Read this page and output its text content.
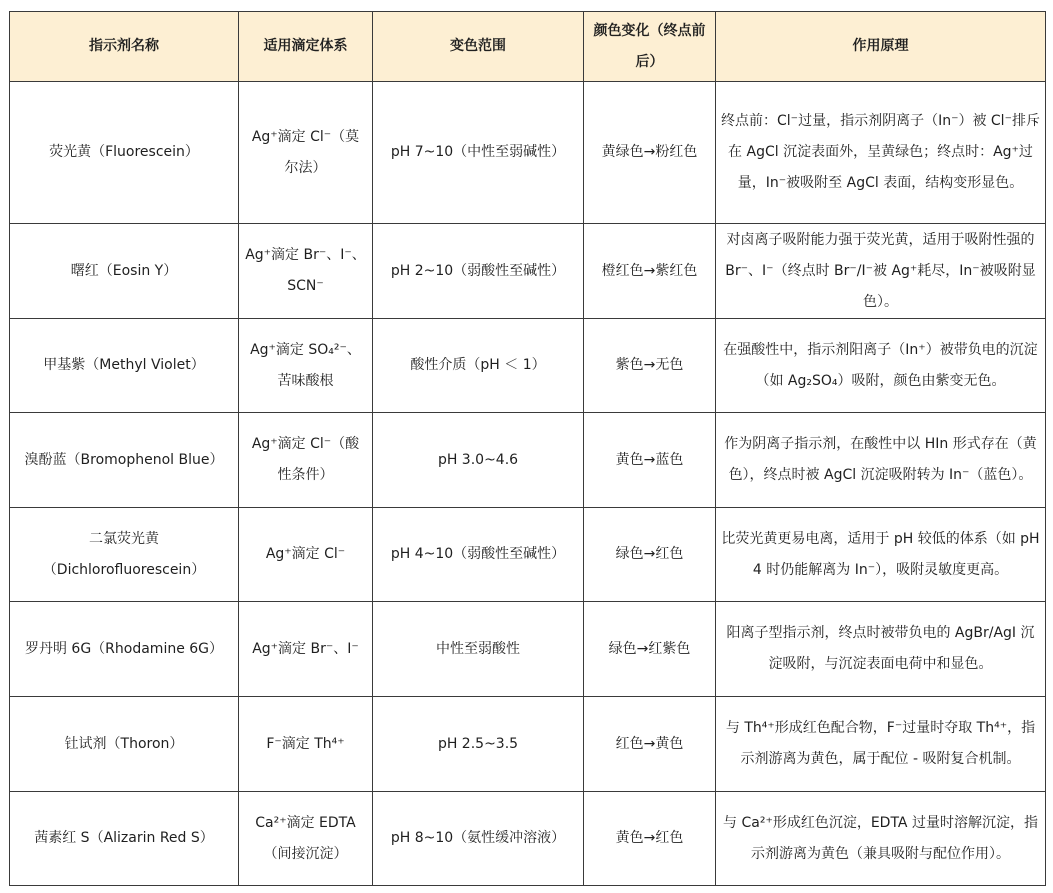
指示剂名称	适用滴定体系	变色范围	颜色变化（终点前后）	作用原理
荧光黄（Fluorescein）	Ag⁺滴定 Cl⁻（莫尔法）	pH 7~10（中性至弱碱性）	黄绿色→粉红色	终点前：Cl⁻过量，指示剂阴离子（In⁻）被 Cl⁻排斥在 AgCl 沉淀表面外，呈黄绿色；终点时：Ag⁺过量，In⁻被吸附至 AgCl 表面，结构变形显色。
曙红（Eosin Y）	Ag⁺滴定 Br⁻、I⁻、SCN⁻	pH 2~10（弱酸性至碱性）	橙红色→紫红色	对卤离子吸附能力强于荧光黄，适用于吸附性强的 Br⁻、I⁻（终点时 Br⁻/I⁻被 Ag⁺耗尽，In⁻被吸附显色）。
甲基紫（Methyl Violet）	Ag⁺滴定 SO₄²⁻、苦味酸根	酸性介质（pH ＜ 1）	紫色→无色	在强酸性中，指示剂阳离子（In⁺）被带负电的沉淀（如 Ag₂SO₄）吸附，颜色由紫变无色。
溴酚蓝（Bromophenol Blue）	Ag⁺滴定 Cl⁻（酸性条件）	pH 3.0~4.6	黄色→蓝色	作为阴离子指示剂，在酸性中以 HIn 形式存在（黄色），终点时被 AgCl 沉淀吸附转为 In⁻（蓝色）。
二氯荧光黄（Dichlorofluorescein）	Ag⁺滴定 Cl⁻	pH 4~10（弱酸性至碱性）	绿色→红色	比荧光黄更易电离，适用于 pH 较低的体系（如 pH 4 时仍能解离为 In⁻），吸附灵敏度更高。
罗丹明 6G（Rhodamine 6G）	Ag⁺滴定 Br⁻、I⁻	中性至弱酸性	绿色→红紫色	阳离子型指示剂，终点时被带负电的 AgBr/AgI 沉淀吸附，与沉淀表面电荷中和显色。
钍试剂（Thoron）	F⁻滴定 Th⁴⁺	pH 2.5~3.5	红色→黄色	与 Th⁴⁺形成红色配合物，F⁻过量时夺取 Th⁴⁺，指示剂游离为黄色，属于配位 - 吸附复合机制。
茜素红 S（Alizarin Red S）	Ca²⁺滴定 EDTA（间接沉淀）	pH 8~10（氨性缓冲溶液）	黄色→红色	与 Ca²⁺形成红色沉淀，EDTA 过量时溶解沉淀，指示剂游离为黄色（兼具吸附与配位作用）。
